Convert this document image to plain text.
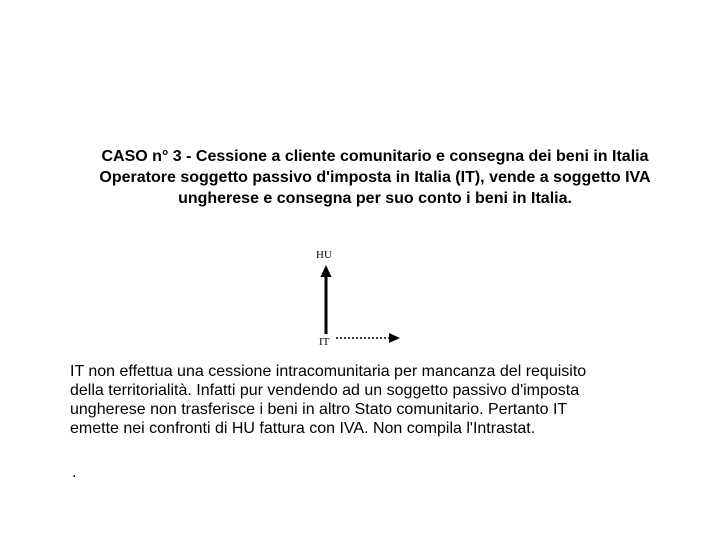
CASO n° 3 - Cessione a cliente comunitario e consegna dei beni in Italia
Operatore soggetto passivo d'imposta in Italia (IT), vende a soggetto IVA
ungherese e consegna per suo conto i beni in Italia.
HU
IT
IT non effettua una cessione intracomunitaria per mancanza del requisito
della territorialità. Infatti pur vendendo ad un soggetto passivo d'imposta
ungherese non trasferisce i beni in altro Stato comunitario. Pertanto IT
emette nei confronti di HU fattura con IVA. Non compila l'Intrastat.
.
